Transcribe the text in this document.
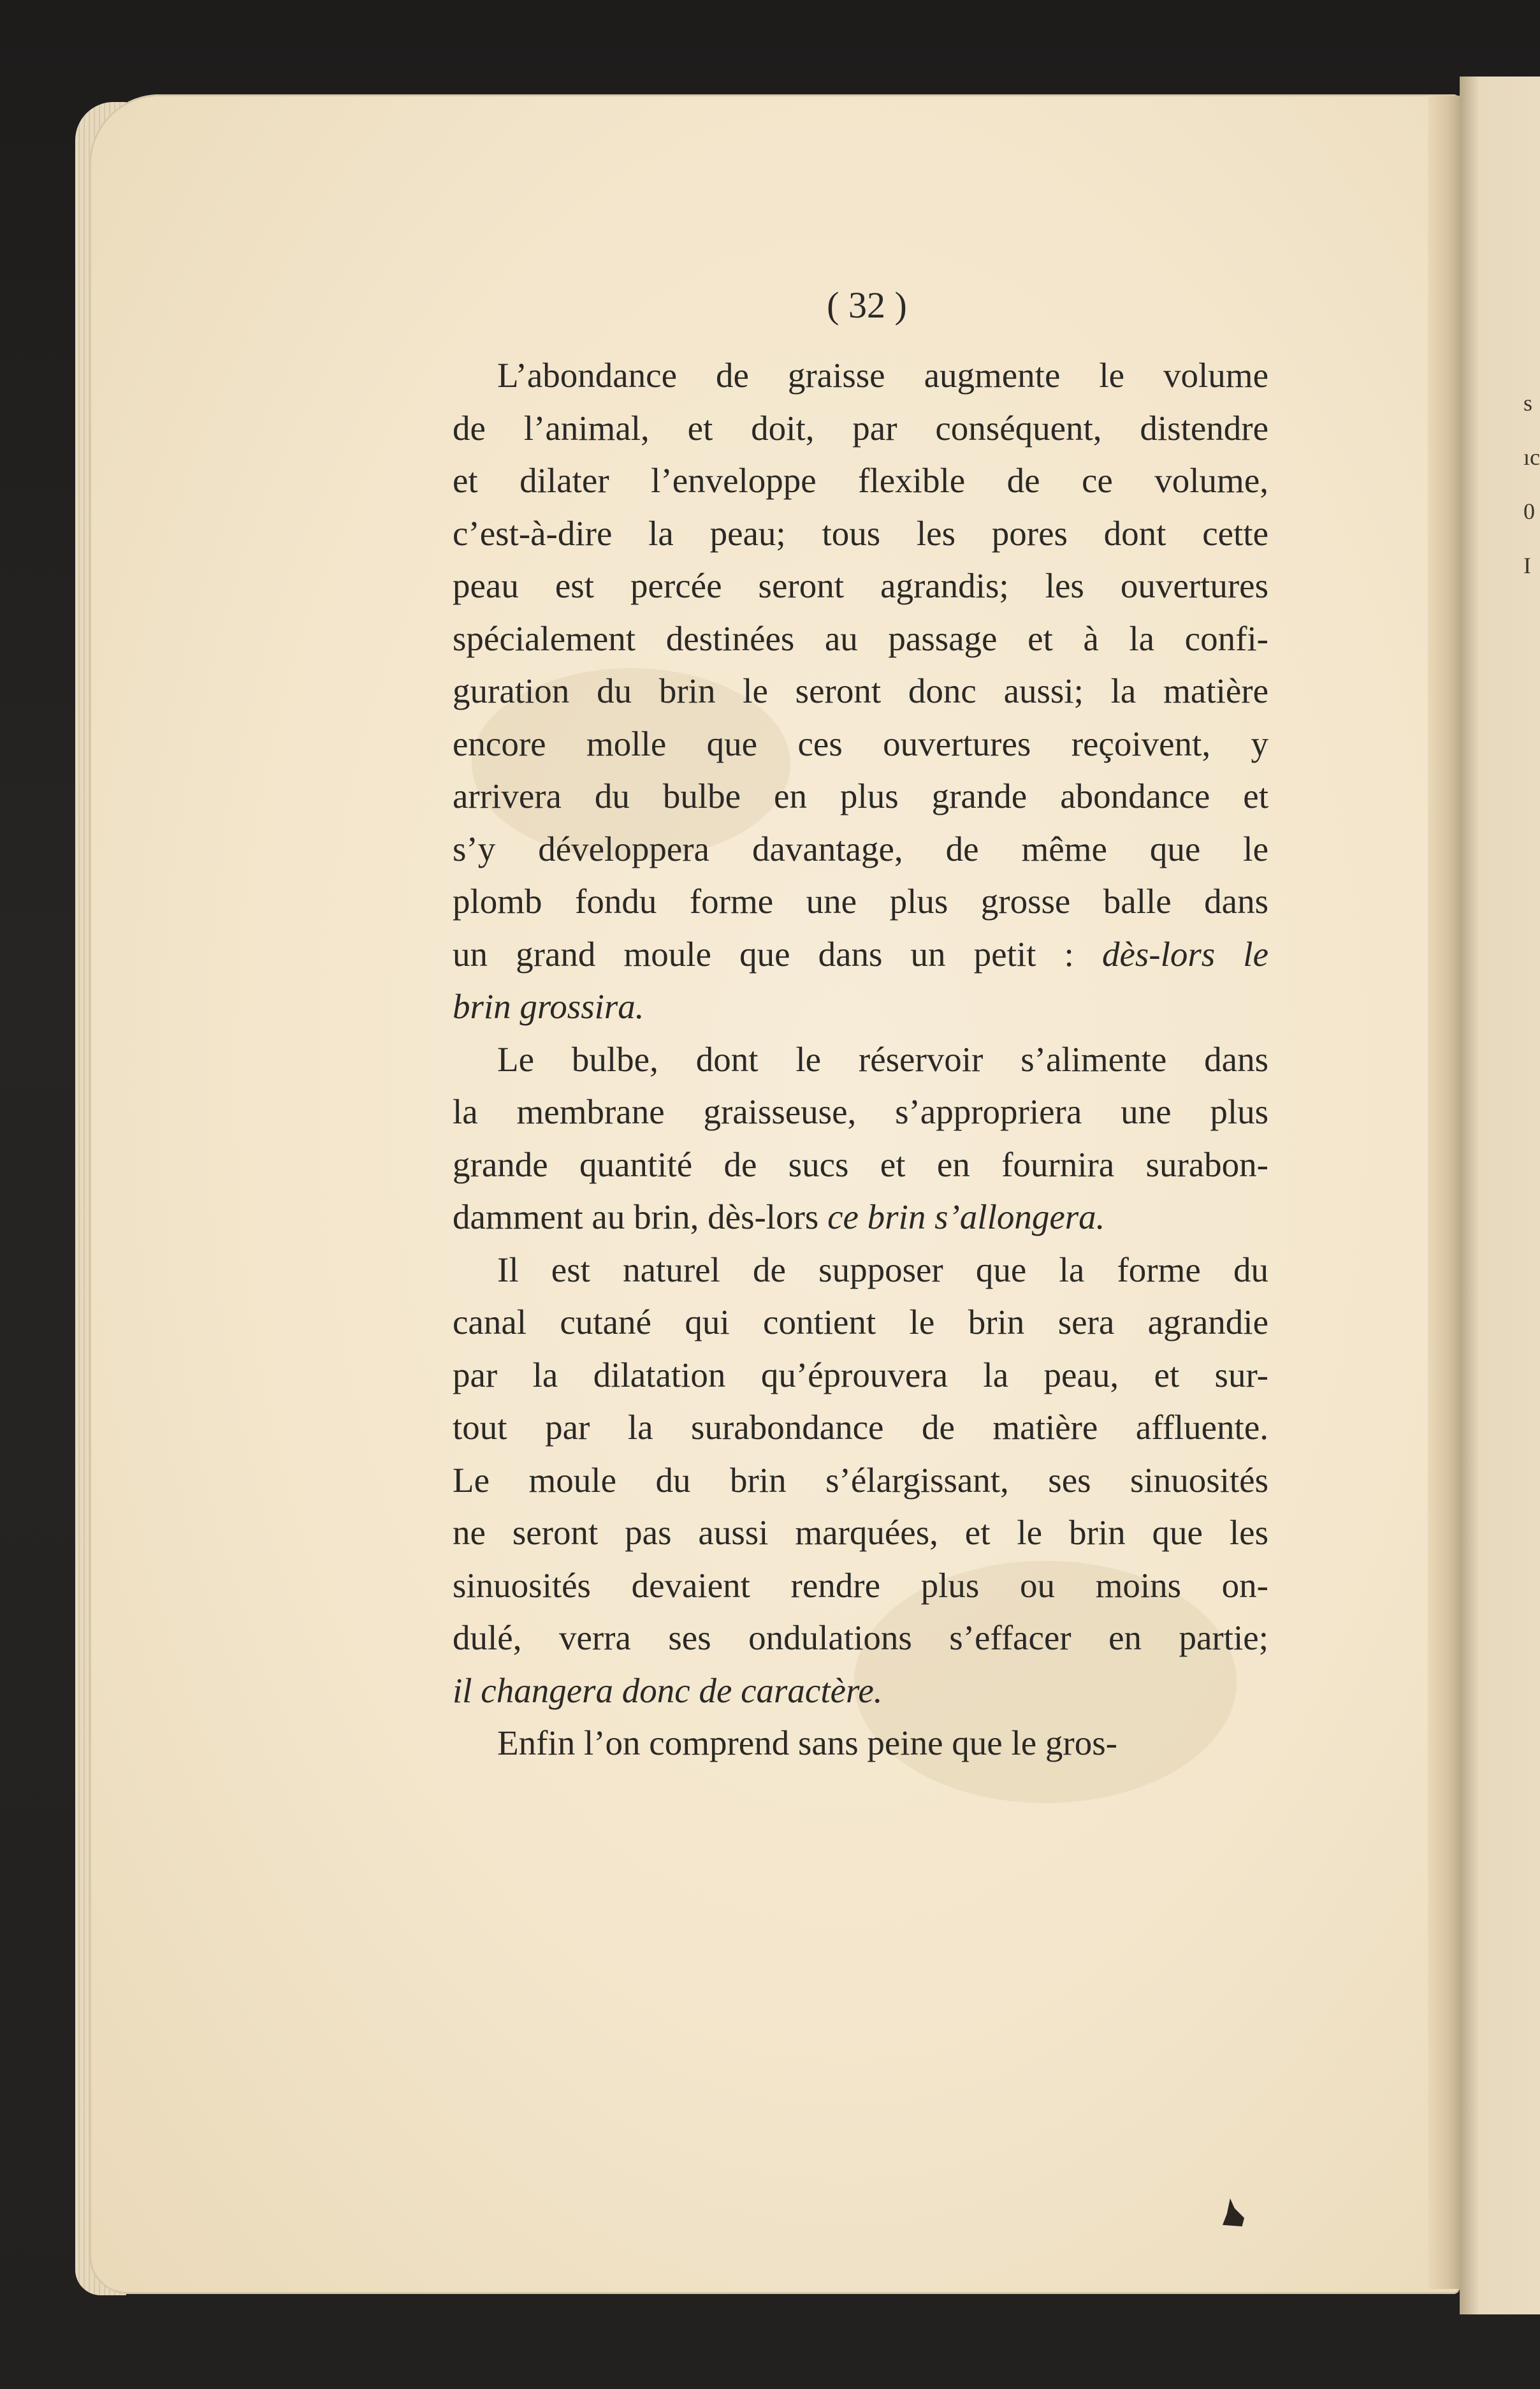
s
ıc
0
I
( 32 )
L’abondance de graisse augmente le volume
de l’animal, et doit, par conséquent, distendre
et dilater l’enveloppe flexible de ce volume,
c’est-à-dire la peau; tous les pores dont cette
peau est percée seront agrandis; les ouvertures
spécialement destinées au passage et à la confi-
guration du brin le seront donc aussi; la matière
encore molle que ces ouvertures reçoivent, y
arrivera du bulbe en plus grande abondance et
s’y développera davantage, de même que le
plomb fondu forme une plus grosse balle dans
un grand moule que dans un petit : dès-lors le
brin grossira.
Le bulbe, dont le réservoir s’alimente dans
la membrane graisseuse, s’appropriera une plus
grande quantité de sucs et en fournira surabon-
damment au brin, dès-lors ce brin s’allongera.
Il est naturel de supposer que la forme du
canal cutané qui contient le brin sera agrandie
par la dilatation qu’éprouvera la peau, et sur-
tout par la surabondance de matière affluente.
Le moule du brin s’élargissant, ses sinuosités
ne seront pas aussi marquées, et le brin que les
sinuosités devaient rendre plus ou moins on-
dulé, verra ses ondulations s’effacer en partie;
il changera donc de caractère.
Enfin l’on comprend sans peine que le gros-
